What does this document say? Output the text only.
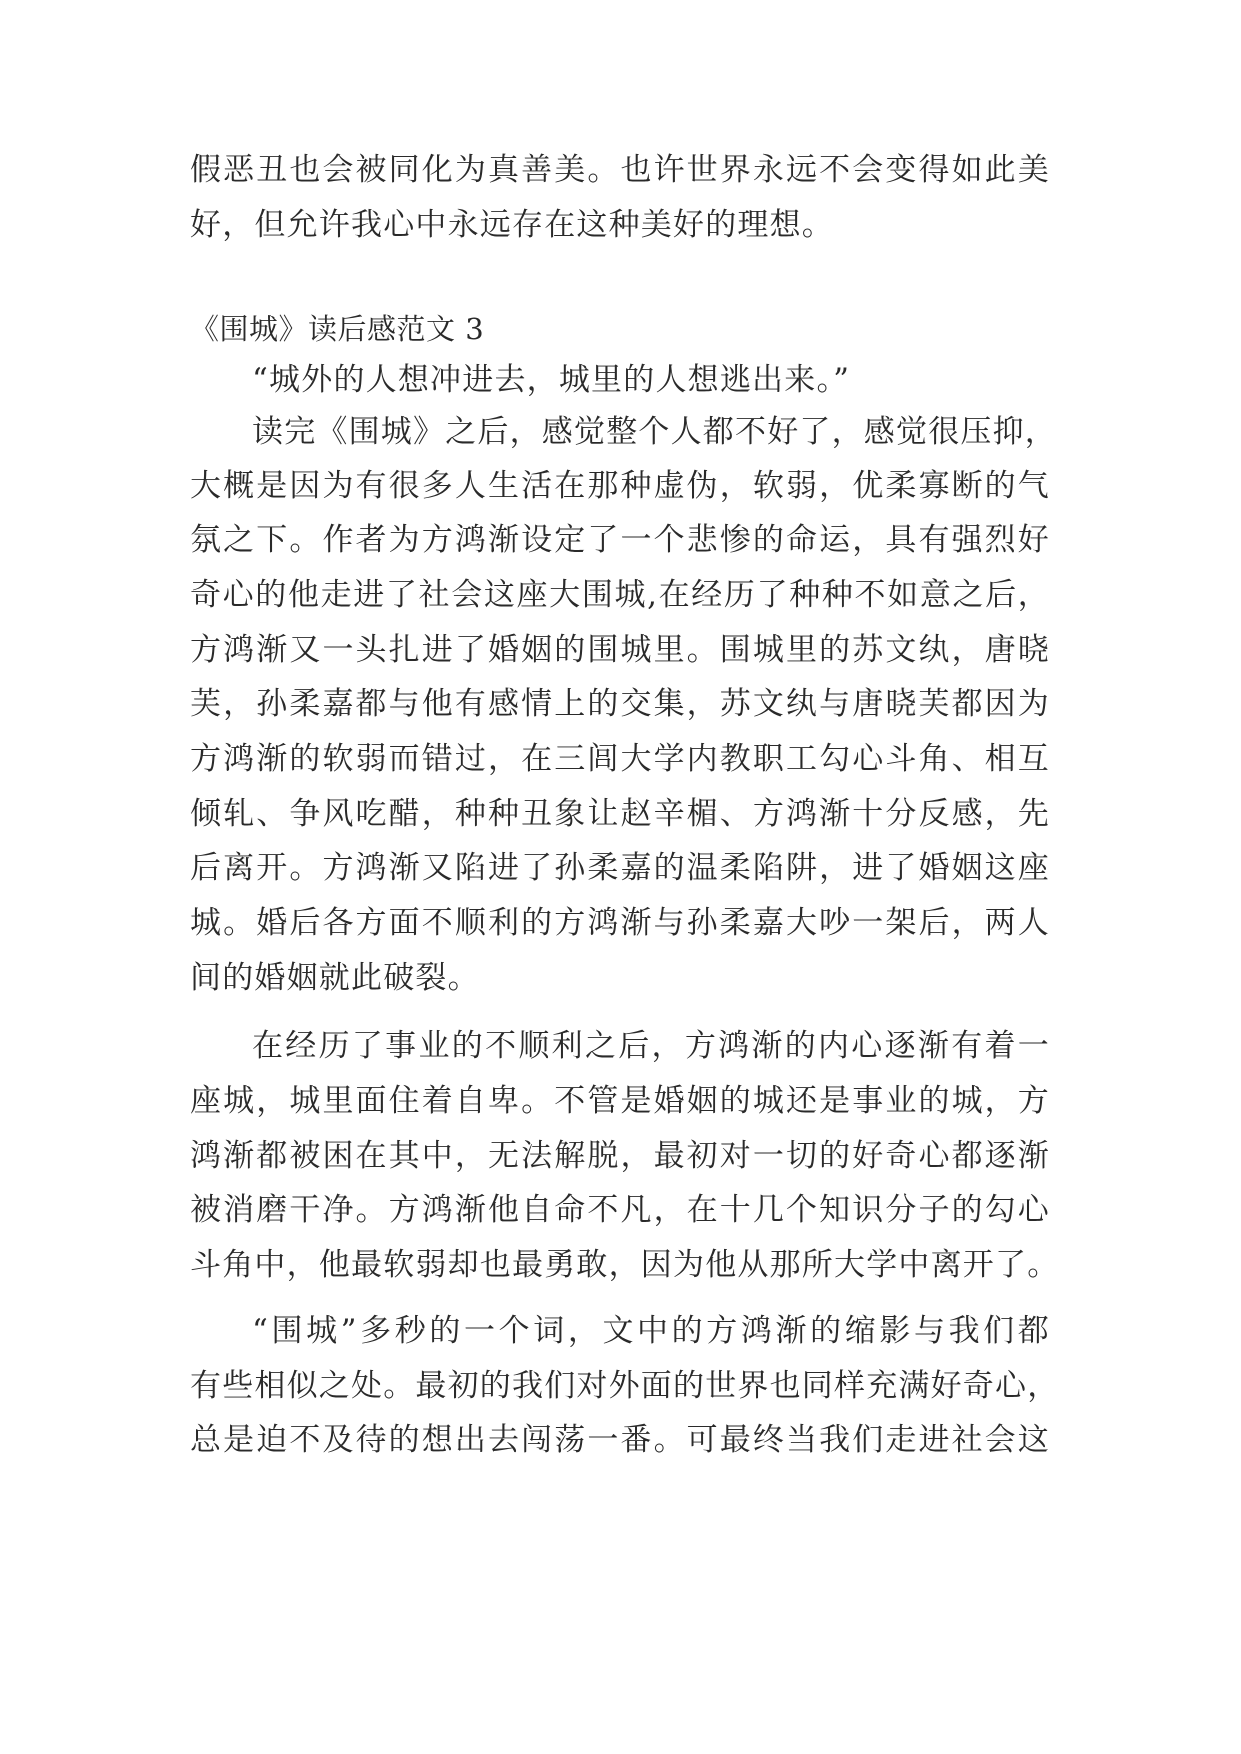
假恶丑也会被同化为真善美。也许世界永远不会变得如此美
好，但允许我心中永远存在这种美好的理想。
《围城》读后感范文 3
“城外的人想冲进去，城里的人想逃出来。”
读完《围城》之后，感觉整个人都不好了，感觉很压抑，
大概是因为有很多人生活在那种虚伪，软弱，优柔寡断的气
氛之下。作者为方鸿渐设定了一个悲惨的命运，具有强烈好
奇心的他走进了社会这座大围城,在经历了种种不如意之后，
方鸿渐又一头扎进了婚姻的围城里。围城里的苏文纨，唐晓
芙，孙柔嘉都与他有感情上的交集，苏文纨与唐晓芙都因为
方鸿渐的软弱而错过，在三闾大学内教职工勾心斗角、相互
倾轧、争风吃醋，种种丑象让赵辛楣、方鸿渐十分反感，先
后离开。方鸿渐又陷进了孙柔嘉的温柔陷阱，进了婚姻这座
城。婚后各方面不顺利的方鸿渐与孙柔嘉大吵一架后，两人
间的婚姻就此破裂。
在经历了事业的不顺利之后，方鸿渐的内心逐渐有着一
座城，城里面住着自卑。不管是婚姻的城还是事业的城，方
鸿渐都被困在其中，无法解脱，最初对一切的好奇心都逐渐
被消磨干净。方鸿渐他自命不凡，在十几个知识分子的勾心
斗角中，他最软弱却也最勇敢，因为他从那所大学中离开了。
“围城”多秒的一个词，文中的方鸿渐的缩影与我们都
有些相似之处。最初的我们对外面的世界也同样充满好奇心，
总是迫不及待的想出去闯荡一番。可最终当我们走进社会这
